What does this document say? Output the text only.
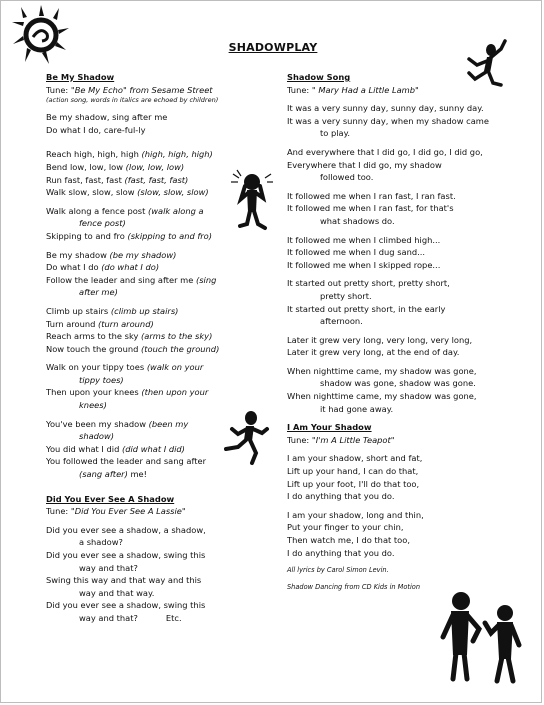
SHADOWPLAY
Be My Shadow
Tune: "Be My Echo" from Sesame Street
(action song, words in italics are echoed by children)
Be my shadow, sing after me
Do what I do, care-ful-ly
Reach high, high, high (high, high, high)
Bend low, low, low (low, low, low)
Run fast, fast, fast (fast, fast, fast)
Walk slow, slow, slow (slow, slow, slow)
Walk along a fence post (walk along a
fence post)
Skipping to and fro (skipping to and fro)
Be my shadow (be my shadow)
Do what I do (do what I do)
Follow the leader and sing after me (sing
after me)
Climb up stairs (climb up stairs)
Turn around (turn around)
Reach arms to the sky (arms to the sky)
Now touch the ground (touch the ground)
Walk on your tippy toes (walk on your
tippy toes)
Then upon your knees (then upon your
knees)
You've been my shadow (been my
shadow)
You did what I did (did what I did)
You followed the leader and sang after
(sang after) me!
Did You Ever See A Shadow
Tune: "Did You Ever See A Lassie"
Did you ever see a shadow, a shadow,
a shadow?
Did you ever see a shadow, swing this
way and that?
Swing this way and that way and this
way and that way.
Did you ever see a shadow, swing this
way and that?	Etc.
Shadow Song
Tune: " Mary Had a Little Lamb"
It was a very sunny day, sunny day, sunny day.
It was a very sunny day, when my shadow came
to play.
And everywhere that I did go, I did go, I did go,
Everywhere that I did go, my shadow
followed too.
It followed me when I ran fast, I ran fast.
It followed me when I ran fast, for that's
what shadows do.
It followed me when I climbed high...
It followed me when I dug sand...
It followed me when I skipped rope...
It started out pretty short, pretty short,
pretty short.
It started out pretty short, in the early
afternoon.
Later it grew very long, very long, very long,
Later it grew very long, at the end of day.
When nighttime came, my shadow was gone,
shadow was gone, shadow was gone.
When nighttime came, my shadow was gone,
it had gone away.
I Am Your Shadow
Tune: "I'm A Little Teapot"
I am your shadow, short and fat,
Lift up your hand, I can do that,
Lift up your foot, I'll do that too,
I do anything that you do.
I am your shadow, long and thin,
Put your finger to your chin,
Then watch me, I do that too,
I do anything that you do.
All lyrics by Carol Simon Levin.
Shadow Dancing from CD Kids in Motion
